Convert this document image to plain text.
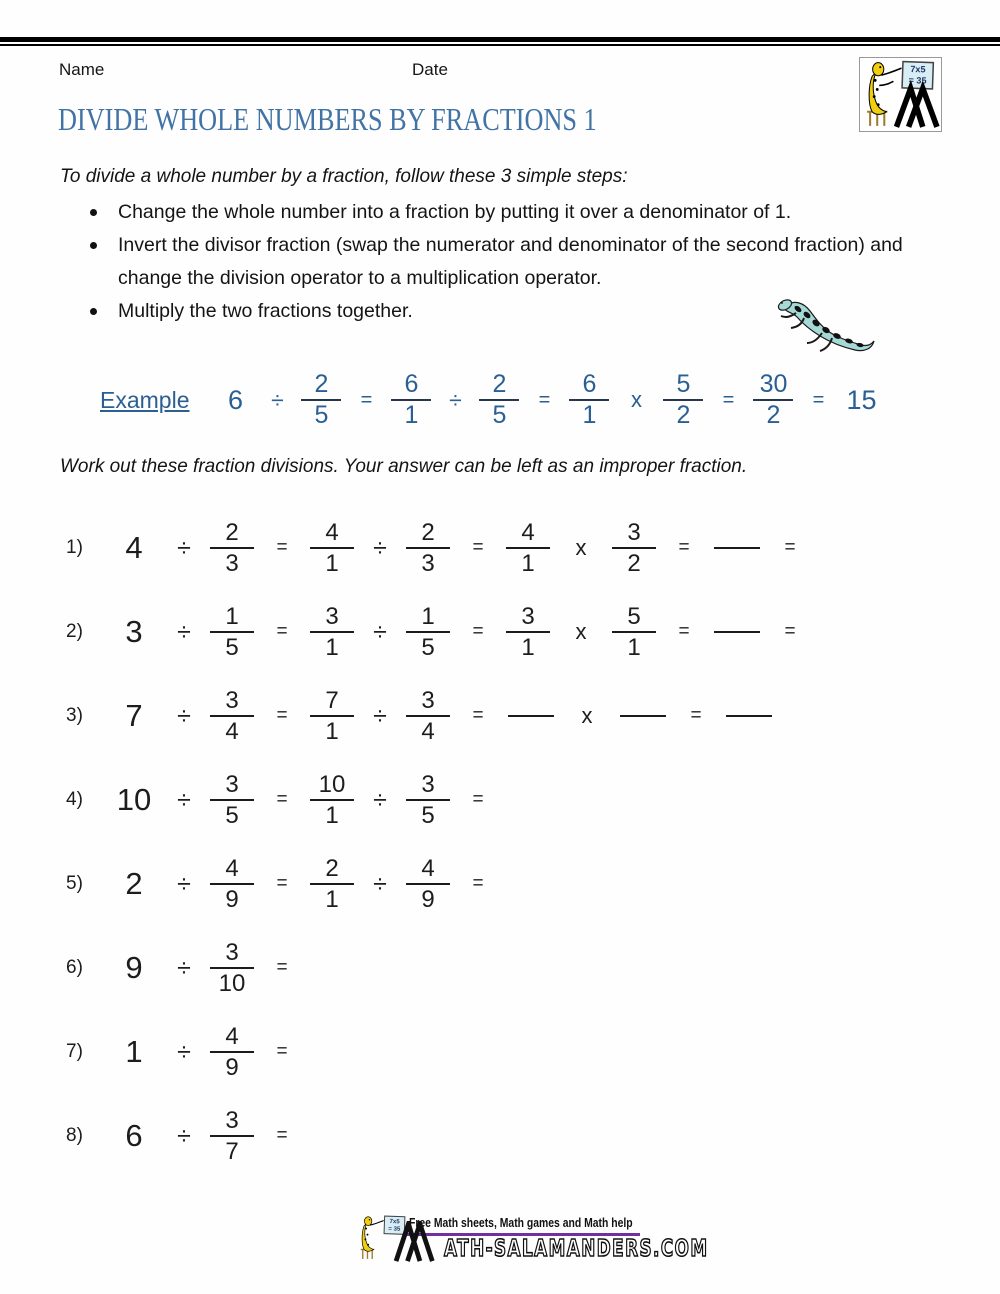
Name	Date
DIVIDE WHOLE NUMBERS BY FRACTIONS 1
7x5
= 35
To divide a whole number by a fraction, follow these 3 simple steps:
Change the whole number into a fraction by putting it over a denominator of 1.
Invert the divisor fraction (swap the numerator and denominator of the second fraction) and change the division operator to a multiplication operator.
Multiply the two fractions together.
Example	6	÷ $\frac{2}{5} = \frac{6}{1} \div \frac{2}{5} = \frac{6}{1}$ x $\frac{5}{2} = \frac{30}{2} = 15$
Work out these fraction divisions. Your answer can be left as an improper fraction.
1)	4	÷ $\frac{2}{3} = \frac{4}{1} \div \frac{2}{3} = \frac{4}{1}$ x $\frac{3}{2}$ =	=
2)	3	÷ $\frac{1}{5} = \frac{3}{1} \div \frac{1}{5} = \frac{3}{1}$ x $\frac{5}{1}$ =	=
3)	7	÷ $\frac{3}{4} = \frac{7}{1} \div \frac{3}{4}$ =	x	=
4)	10	÷ $\frac{3}{5} = \frac{10}{1} \div \frac{3}{5}$ =
5)	2	÷ $\frac{4}{9} = \frac{2}{1} \div \frac{4}{9}$ =
6)	9	÷ $\frac{3}{10}$ =
7)	1	÷ $\frac{4}{9}$ =
8)	6	÷ $\frac{3}{7}$ =
7x5
= 35 Free Math sheets, Math games and Math help
ATH-SALAMANDERS.COM
